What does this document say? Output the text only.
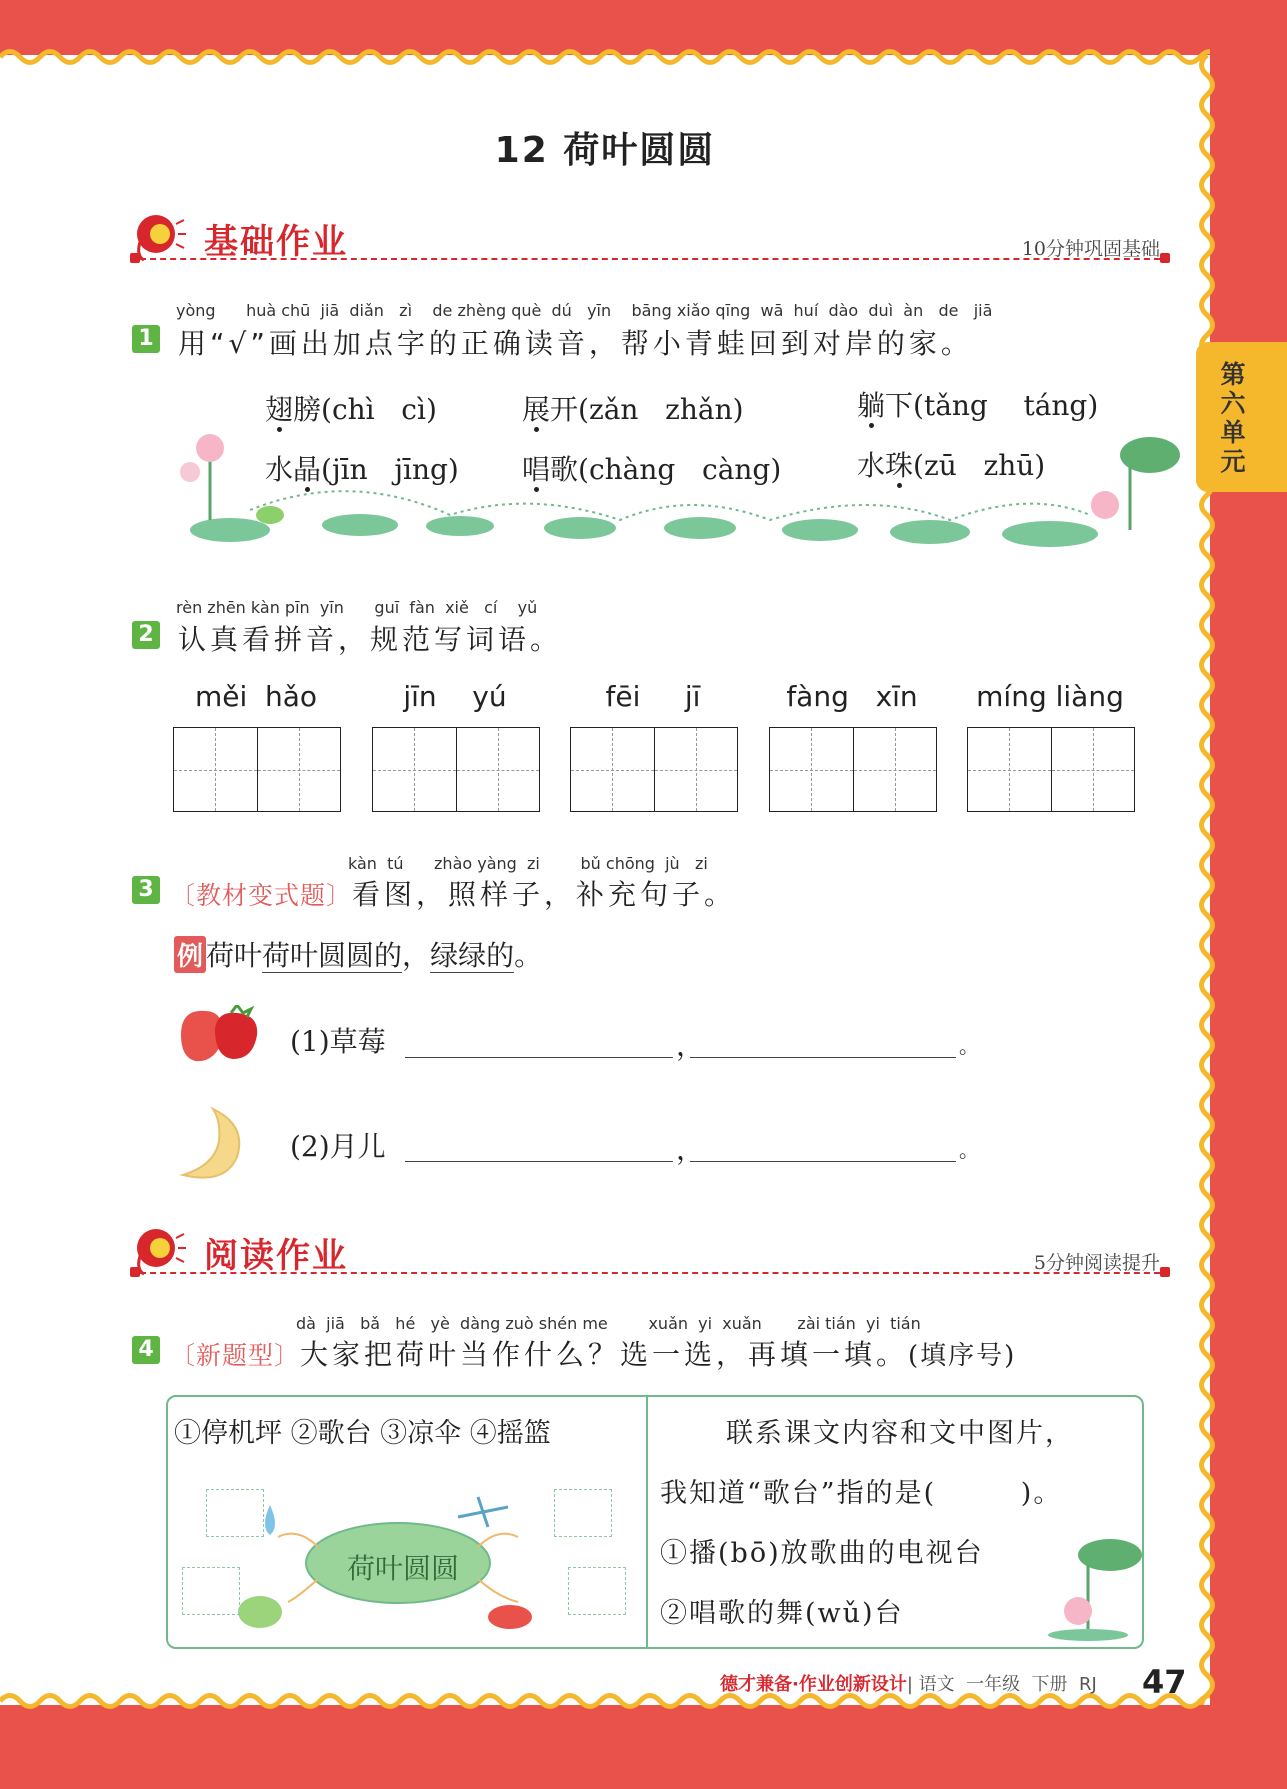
第六单元
12 荷叶圆圆
基础作业	10分钟巩固基础
yòng      huà chū  jiā  diǎn   zì    de zhèng què  dú   yīn    bāng xiǎo qīng  wā  huí  dào  duì  àn   de   jiā
1 用“√”画出加点字的正确读音，帮小青蛙回到对岸的家。
翅膀(chì   cì)	展开(zǎn   zhǎn)	躺下(tǎng    táng)
水晶(jīn   jīng) 唱歌(chàng   càng)	水珠(zū   zhū)
rèn zhēn kàn pīn  yīn      guī  fàn  xiě   cí    yǔ
2 认真看拼音，规范写词语。
měi  hǎo	jīn    yú	fēi     jī	fàng   xīn	míng liàng
kàn  tú      zhào yàng  zi        bǔ chōng  jù   zi
3 〔教材变式题〕看图，照样子，补充句子。
例 荷叶荷叶圆圆的，绿绿的。
(1)草莓	，	。
(2)月儿	，	。
阅读作业	5分钟阅读提升
dà  jiā   bǎ   hé   yè  dàng zuò shén me        xuǎn  yi  xuǎn       zài tián  yi  tián
4 〔新题型〕大家把荷叶当作什么？选一选，再填一填。(填序号)
①停机坪 ②歌台 ③凉伞 ④摇篮
荷叶圆圆
联系课文内容和文中图片，
我知道“歌台”指的是(        )。
①播(bō)放歌曲的电视台
②唱歌的舞(wǔ)台
德才兼备·作业创新设计| 语文  一年级  下册  RJ 47
